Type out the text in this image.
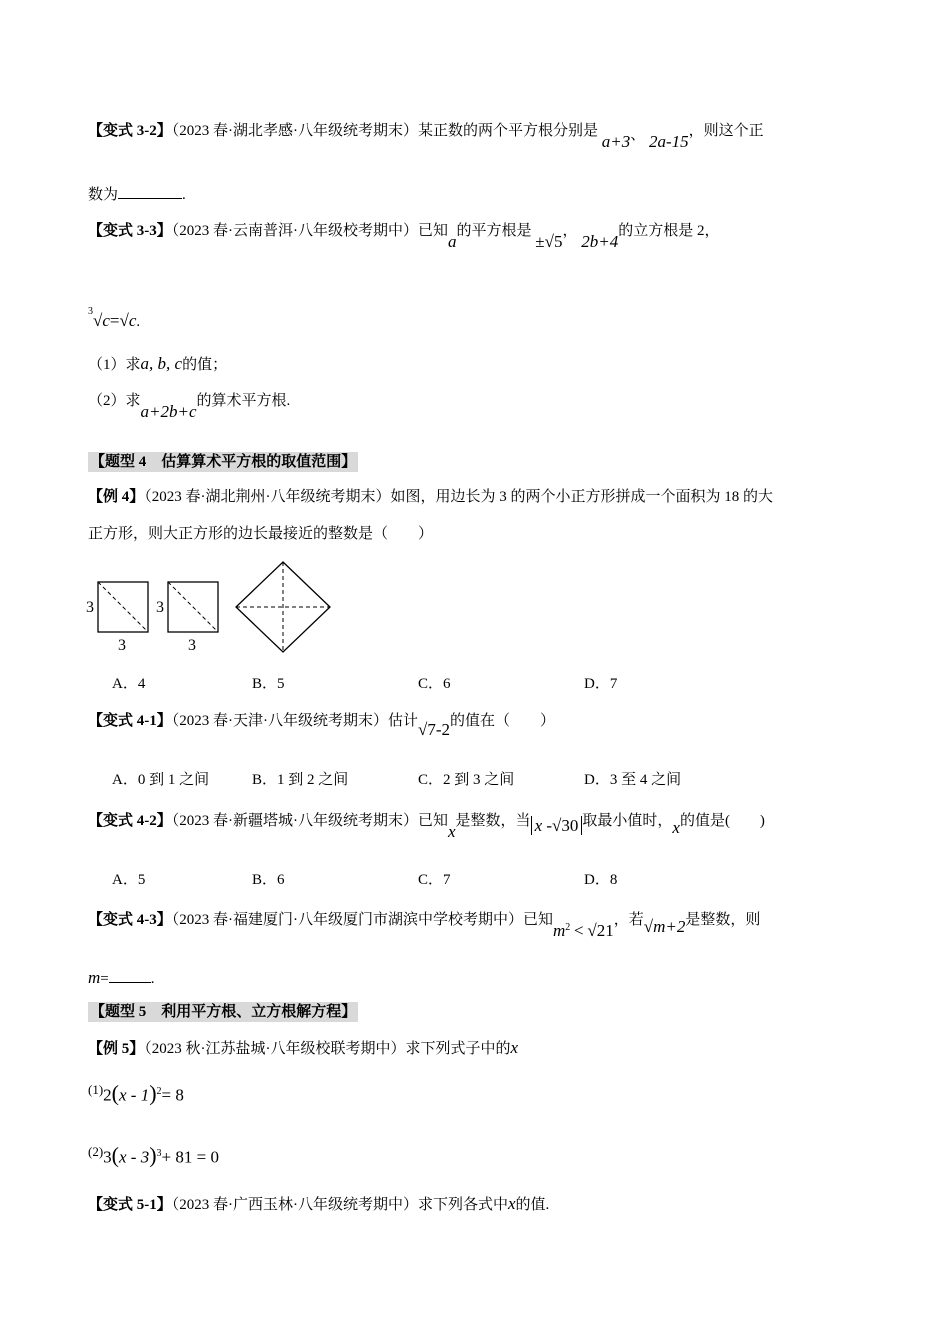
【变式 3-2】（2023 春·湖北孝感·八年级统考期末）某正数的两个平方根分别是 a+3、 2a-15，则这个正
数为	.
【变式 3-3】（2023 春·云南普洱·八年级校考期中）已知a的平方根是 ±√5， 2b+4的立方根是 2，
$^3$√c=√c.
（1）求a, b, c的值；
（2）求a+2b+c的算术平方根.
【题型 4　估算算术平方根的取值范围】
【例 4】（2023 春·湖北荆州·八年级统考期末）如图，用边长为 3 的两个小正方形拼成一个面积为 18 的大
正方形，则大正方形的边长最接近的整数是（　　）
3
3
3
3
A．4	B．5	C．6	D．7
【变式 4-1】（2023 春·天津·八年级统考期末）估计√7-2的值在（　　）
A．0 到 1 之间	B．1 到 2 之间	C．2 到 3 之间	D．3 至 4 之间
【变式 4-2】（2023 春·新疆塔城·八年级统考期末）已知x是整数，当 x -√30 取最小值时，x的值是(　　)
A．5	B．6	C．7	D．8
【变式 4-3】（2023 春·福建厦门·八年级厦门市湖滨中学校考期中）已知$m^2 < √21$，若√m+2是整数，则
m=	.
【题型 5　利用平方根、立方根解方程】
【例 5】（2023 秋·江苏盐城·八年级校联考期中）求下列式子中的x
$^{(1)}$2(x - 1)$^2$= 8
$^{(2)}$3(x - 3)$^3$+ 81 = 0
【变式 5-1】（2023 春·广西玉林·八年级统考期中）求下列各式中x的值.
